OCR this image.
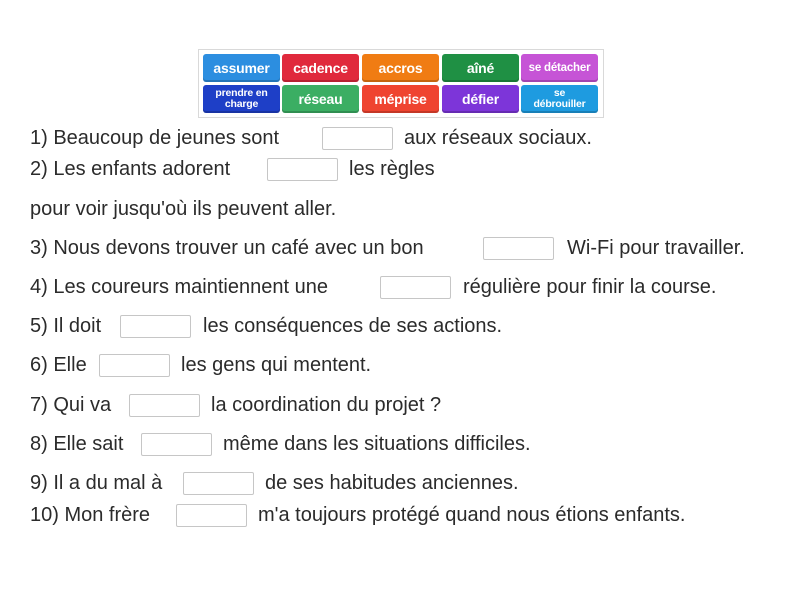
assumer	cadence	accros	aîné	se détacher
prendre en charge	réseau	méprise	défier	se débrouiller
1) Beaucoup de jeunes sont	aux réseaux sociaux.
2) Les enfants adorent	les règles
pour voir jusqu'où ils peuvent aller.
3) Nous devons trouver un café avec un bon	Wi-Fi pour travailler.
4) Les coureurs maintiennent une	régulière pour finir la course.
5) Il doit	les conséquences de ses actions.
6) Elle	les gens qui mentent.
7) Qui va	la coordination du projet ?
8) Elle sait	même dans les situations difficiles.
9) Il a du mal à	de ses habitudes anciennes.
10) Mon frère	m'a toujours protégé quand nous étions enfants.
